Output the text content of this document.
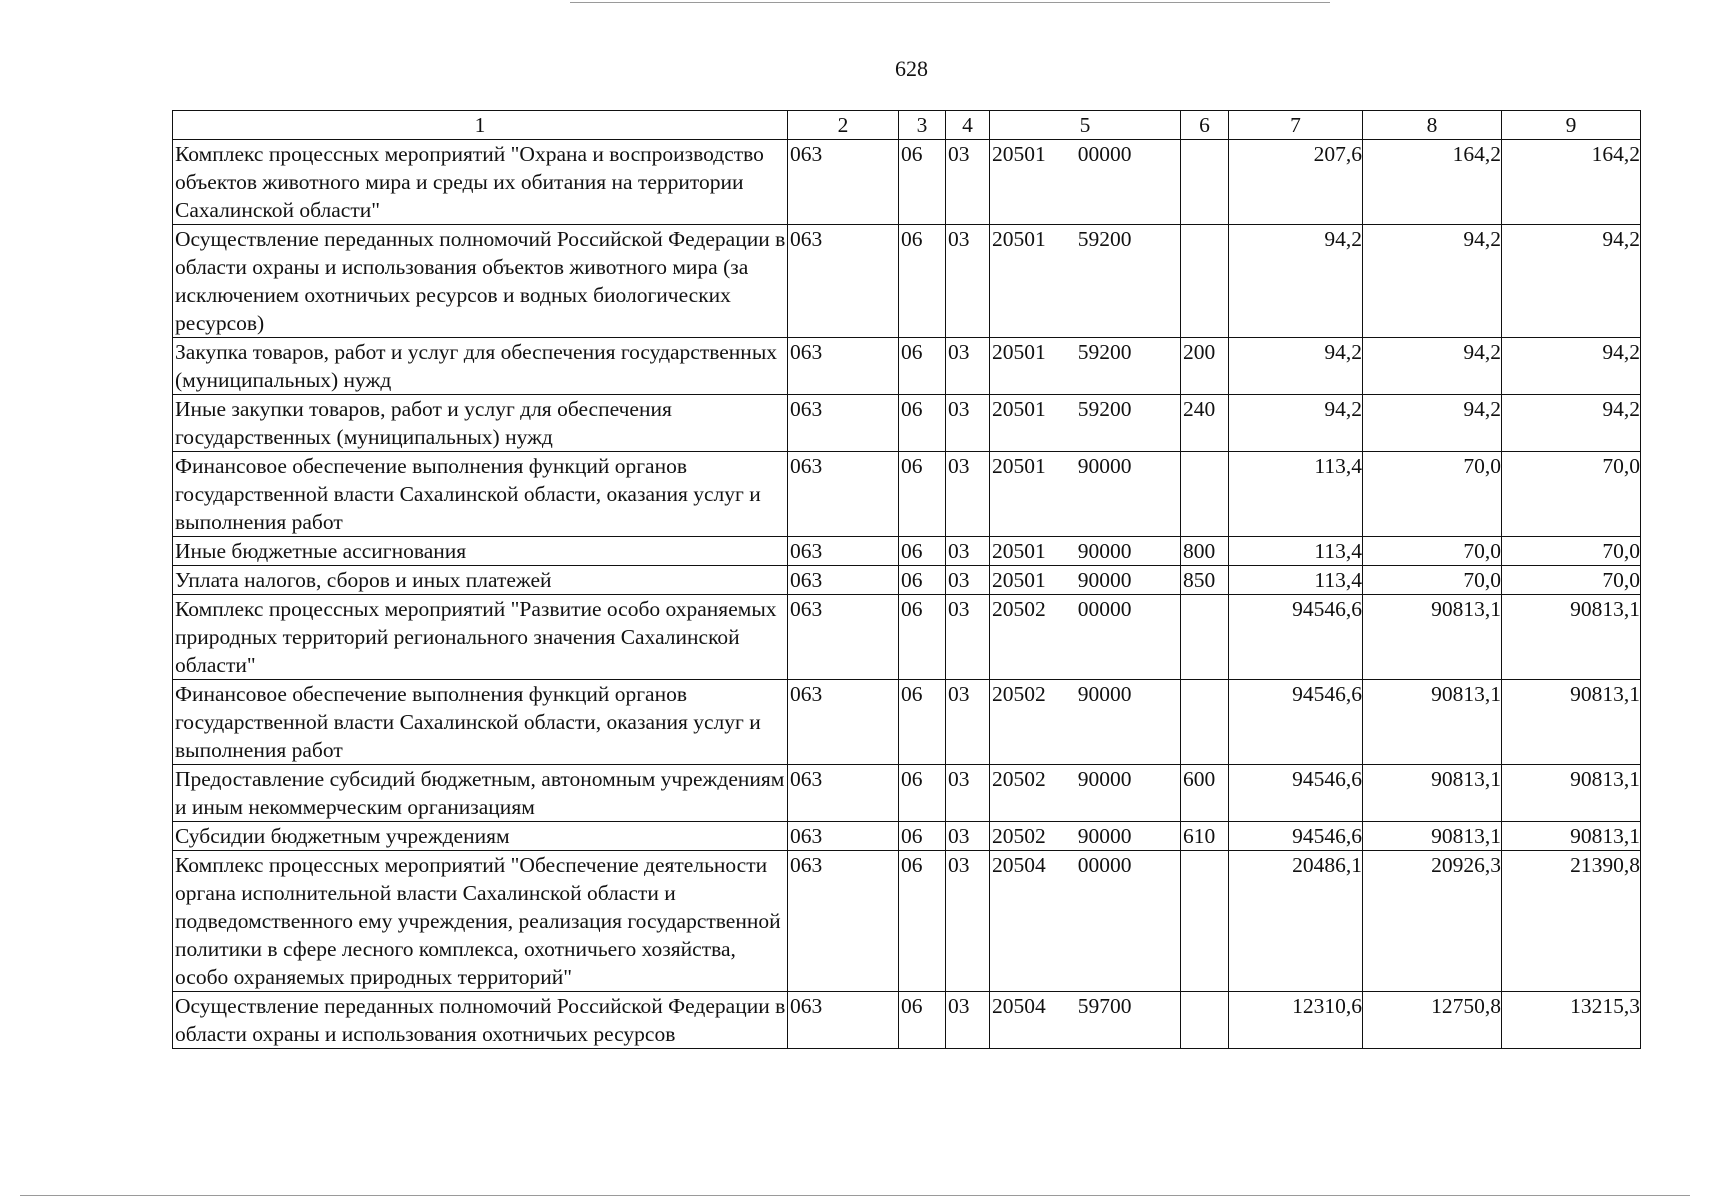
628
1	2	3	4	5	6	7	8	9
Комплекс процессных мероприятий "Охрана и воспроизводство объектов животного мира и среды их обитания на территории Сахалинской области"	063	06	03	20501 00000		207,6	164,2	164,2
Осуществление переданных полномочий Российской Федерации в области охраны и использования объектов животного мира (за исключением охотничьих ресурсов и водных биологических ресурсов)	063	06	03	20501 59200		94,2	94,2	94,2
Закупка товаров, работ и услуг для обеспечения государственных (муниципальных) нужд	063	06	03	20501 59200	200	94,2	94,2	94,2
Иные закупки товаров, работ и услуг для обеспечения государственных (муниципальных) нужд	063	06	03	20501 59200	240	94,2	94,2	94,2
Финансовое обеспечение выполнения функций органов государственной власти Сахалинской области, оказания услуг и выполнения работ	063	06	03	20501 90000		113,4	70,0	70,0
Иные бюджетные ассигнования	063	06	03	20501 90000	800	113,4	70,0	70,0
Уплата налогов, сборов и иных платежей	063	06	03	20501 90000	850	113,4	70,0	70,0
Комплекс процессных мероприятий "Развитие особо охраняемых природных территорий регионального значения Сахалинской области"	063	06	03	20502 00000		94546,6	90813,1	90813,1
Финансовое обеспечение выполнения функций органов государственной власти Сахалинской области, оказания услуг и выполнения работ	063	06	03	20502 90000		94546,6	90813,1	90813,1
Предоставление субсидий бюджетным, автономным учреждениям и иным некоммерческим организациям	063	06	03	20502 90000	600	94546,6	90813,1	90813,1
Субсидии бюджетным учреждениям	063	06	03	20502 90000	610	94546,6	90813,1	90813,1
Комплекс процессных мероприятий "Обеспечение деятельности органа исполнительной власти Сахалинской области и подведомственного ему учреждения, реализация государственной политики в сфере лесного комплекса, охотничьего хозяйства, особо охраняемых природных территорий"	063	06	03	20504 00000		20486,1	20926,3	21390,8
Осуществление переданных полномочий Российской Федерации в области охраны и использования охотничьих ресурсов	063	06	03	20504 59700		12310,6	12750,8	13215,3
